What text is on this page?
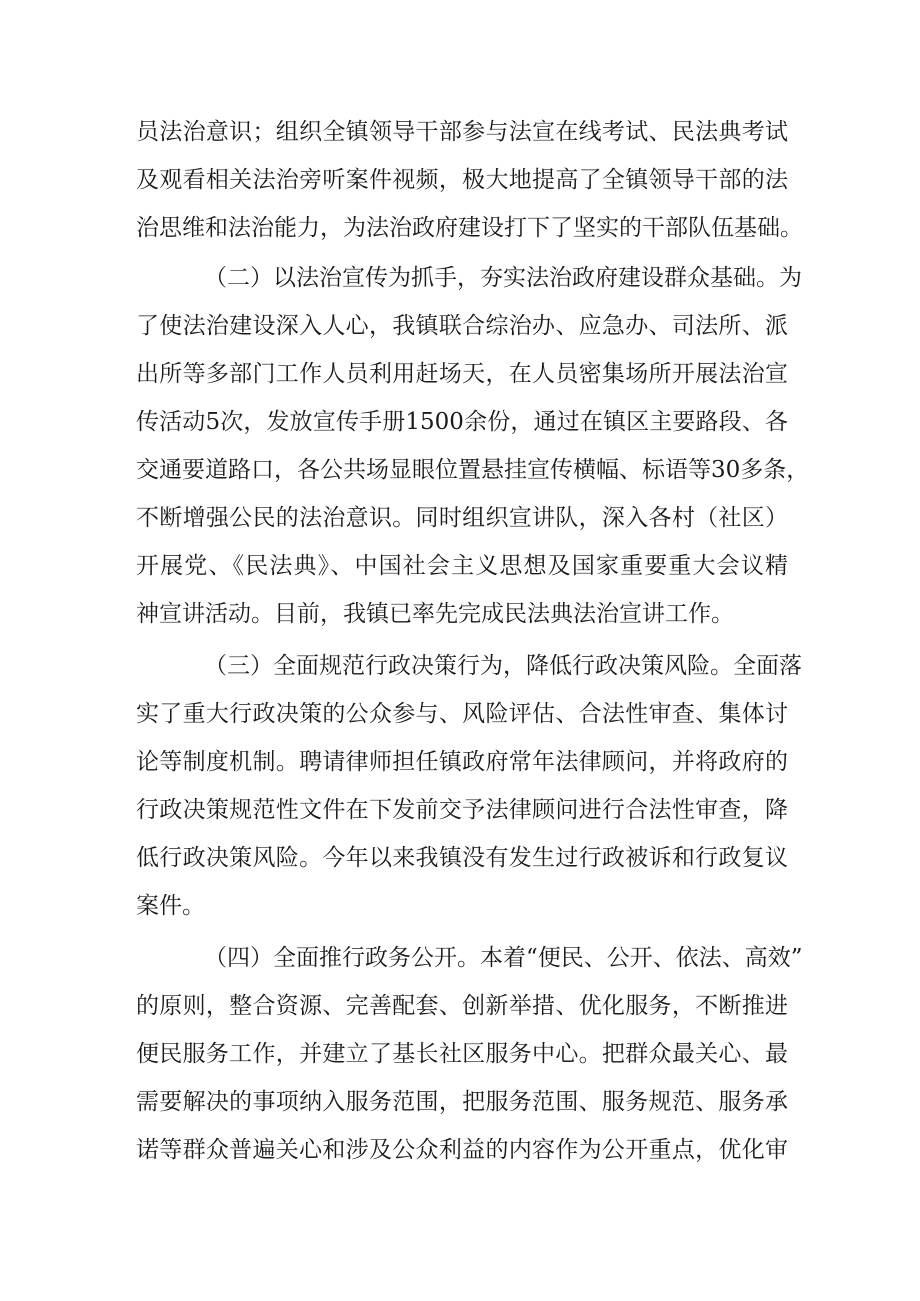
员法治意识；组织全镇领导干部参与法宣在线考试、民法典考试
及观看相关法治旁听案件视频，极大地提高了全镇领导干部的法
治思维和法治能力，为法治政府建设打下了坚实的干部队伍基础。
（二）以法治宣传为抓手，夯实法治政府建设群众基础。为
了使法治建设深入人心，我镇联合综治办、应急办、司法所、派
出所等多部门工作人员利用赶场天，在人员密集场所开展法治宣
传活动5次，发放宣传手册1500余份，通过在镇区主要路段、各
交通要道路口，各公共场显眼位置悬挂宣传横幅、标语等30多条，
不断增强公民的法治意识。同时组织宣讲队，深入各村（社区）
开展党、《民法典》、中国社会主义思想及国家重要重大会议精
神宣讲活动。目前，我镇已率先完成民法典法治宣讲工作。
（三）全面规范行政决策行为，降低行政决策风险。全面落
实了重大行政决策的公众参与、风险评估、合法性审查、集体讨
论等制度机制。聘请律师担任镇政府常年法律顾问，并将政府的
行政决策规范性文件在下发前交予法律顾问进行合法性审查，降
低行政决策风险。今年以来我镇没有发生过行政被诉和行政复议
案件。
（四）全面推行政务公开。本着“便民、公开、依法、高效”
的原则，整合资源、完善配套、创新举措、优化服务，不断推进
便民服务工作，并建立了基长社区服务中心。把群众最关心、最
需要解决的事项纳入服务范围，把服务范围、服务规范、服务承
诺等群众普遍关心和涉及公众利益的内容作为公开重点，优化审
